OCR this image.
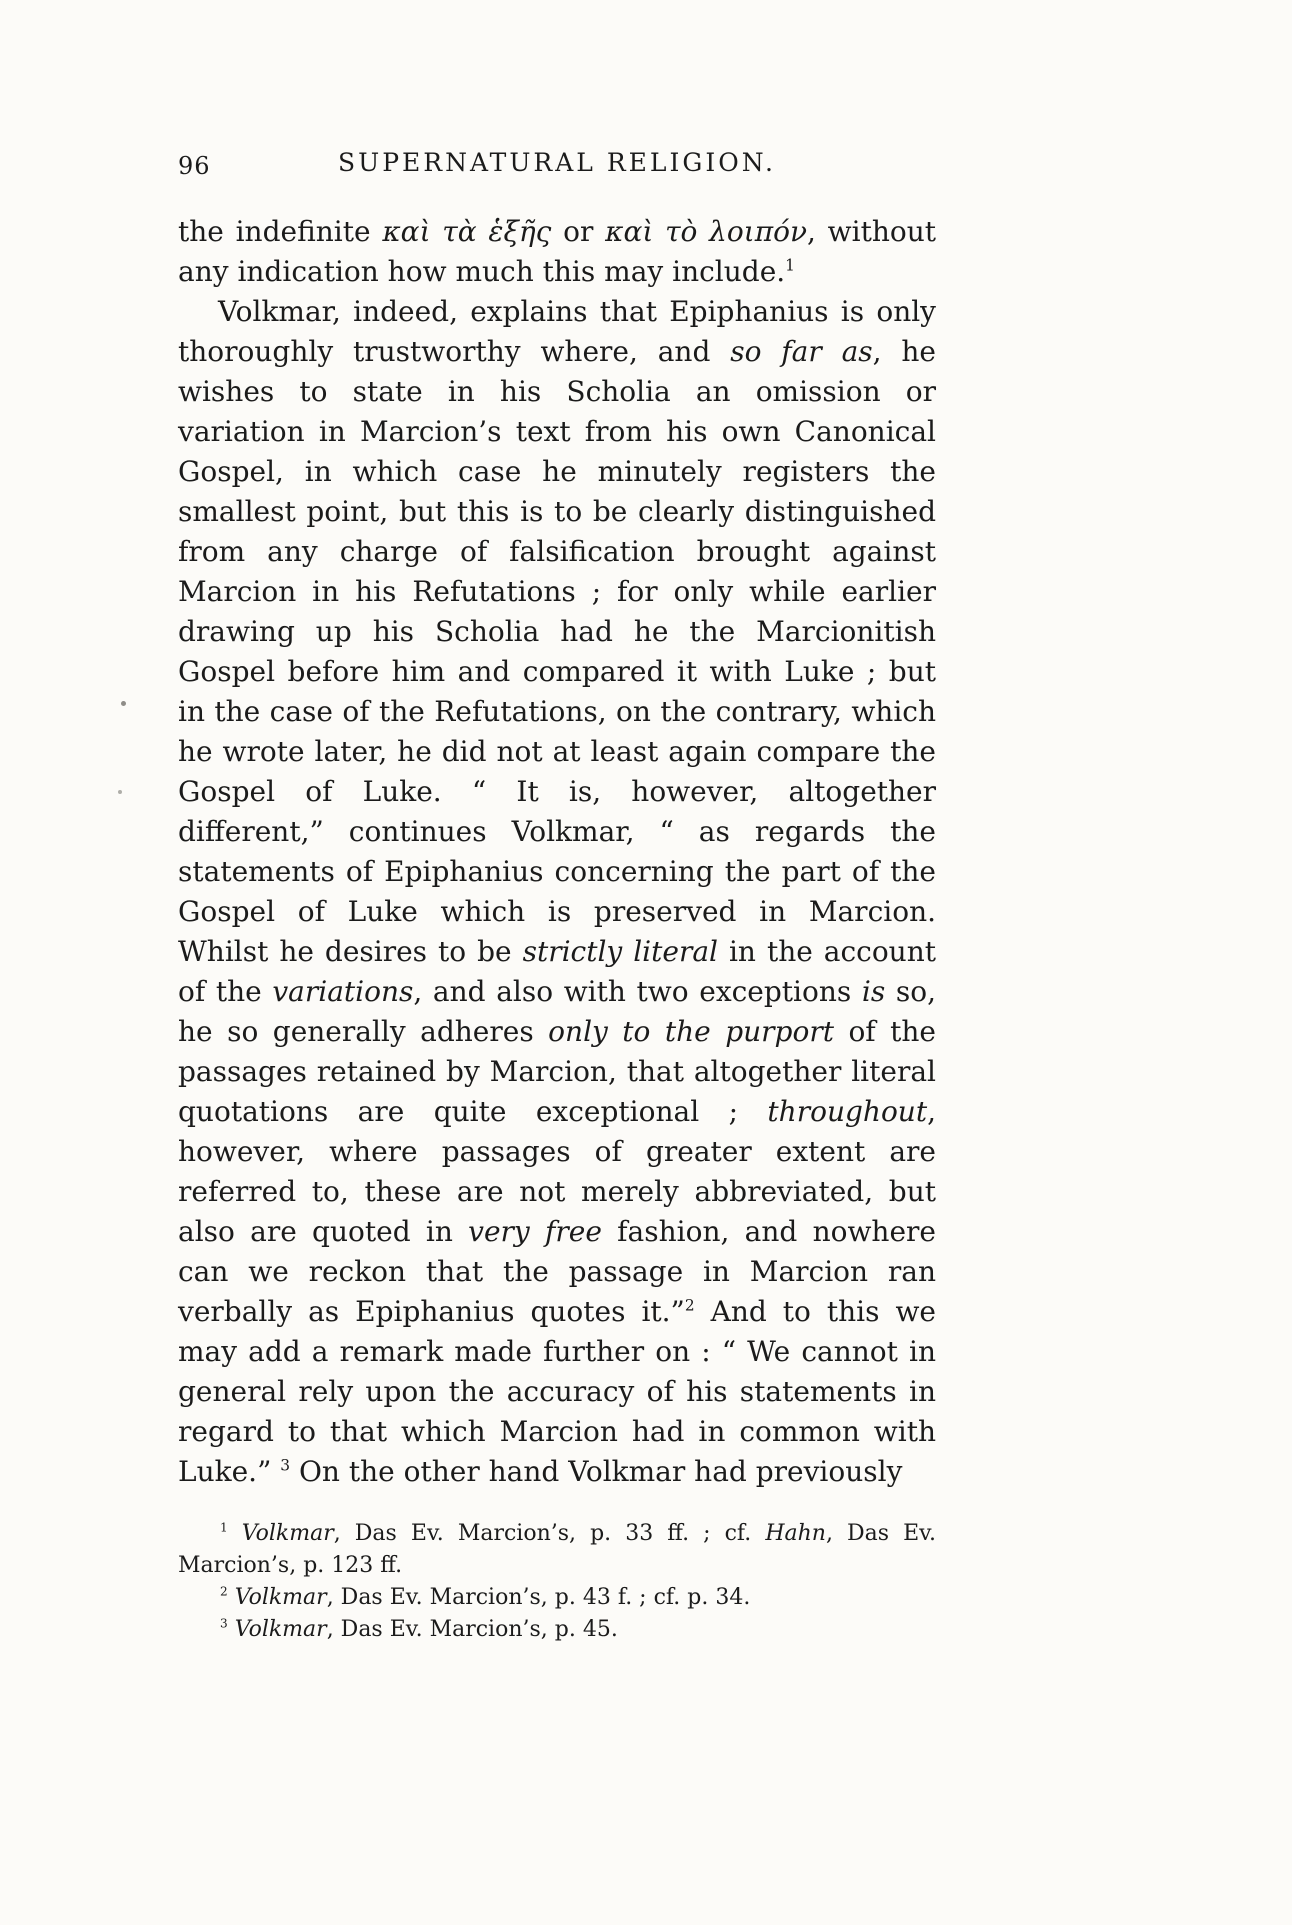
96	SUPERNATURAL RELIGION.

the indefinite καὶ τὰ ἑξῆς or καὶ τὸ λοιπόν, without any indication how much this may include.$^1$

Volkmar, indeed, explains that Epiphanius is only thoroughly trustworthy where, and so far as, he wishes to state in his Scholia an omission or variation in Marcion’s text from his own Canonical Gospel, in which case he minutely registers the smallest point, but this is to be clearly distinguished from any charge of falsification brought against Marcion in his Refutations ; for only while earlier drawing up his Scholia had he the Marcionitish Gospel before him and compared it with Luke ; but in the case of the Refutations, on the contrary, which he wrote later, he did not at least again compare the Gospel of Luke. “ It is, however, altogether different,” continues Volkmar, “ as regards the statements of Epiphanius concerning the part of the Gospel of Luke which is preserved in Marcion. Whilst he desires to be strictly literal in the account of the variations, and also with two exceptions is so, he so generally adheres only to the purport of the passages retained by Marcion, that altogether literal quotations are quite exceptional ; throughout, however, where passages of greater extent are referred to, these are not merely abbreviated, but also are quoted in very free fashion, and nowhere can we reckon that the passage in Marcion ran verbally as Epiphanius quotes it.”$^2$ And to this we may add a remark made further on : “ We cannot in general rely upon the accuracy of his statements in regard to that which Marcion had in common with Luke.” $^3$ On the other hand Volkmar had previously

$^1$ Volkmar, Das Ev. Marcion’s, p. 33 ff. ; cf. Hahn, Das Ev. Marcion’s, p. 123 ff.

$^2$ Volkmar, Das Ev. Marcion’s, p. 43 f. ; cf. p. 34.

$^3$ Volkmar, Das Ev. Marcion’s, p. 45.
